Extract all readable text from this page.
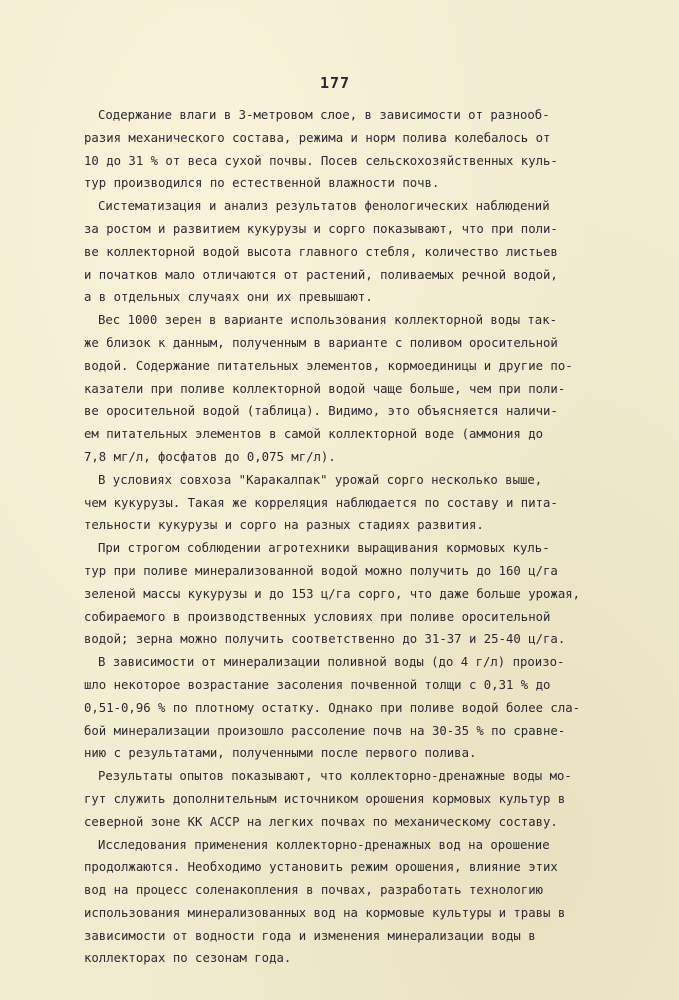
177
Содержание влаги в 3-метровом слое, в зависимости от разнооб-
разия механического состава, режима и норм полива колебалось от
10 до 31 % от веса сухой почвы. Посев сельскохозяйственных куль-
тур производился по естественной влажности почв.
Систематизация и анализ результатов фенологических наблюдений
за ростом и развитием кукурузы и сорго показывают, что при поли-
ве коллекторной водой высота главного стебля, количество листьев
и початков мало отличаются от растений, поливаемых речной водой,
а в отдельных случаях они их превышают.
Вес 1000 зерен в варианте использования коллекторной воды так-
же близок к данным, полученным в варианте с поливом оросительной
водой. Содержание питательных элементов, кормоединицы и другие по-
казатели при поливе коллекторной водой чаще больше, чем при поли-
ве оросительной водой (таблица). Видимо, это объясняется наличи-
ем питательных элементов в самой коллекторной воде (аммония до
7,8 мг/л, фосфатов до 0,075 мг/л).
В условиях совхоза "Каракалпак" урожай сорго несколько выше,
чем кукурузы. Такая же корреляция наблюдается по составу и пита-
тельности кукурузы и сорго на разных стадиях развития.
При строгом соблюдении агротехники выращивания кормовых куль-
тур при поливе минерализованной водой можно получить до 160 ц/га
зеленой массы кукурузы и до 153 ц/га сорго, что даже больше урожая,
собираемого в производственных условиях при поливе оросительной
водой; зерна можно получить соответственно до 31-37 и 25-40 ц/га.
В зависимости от минерализации поливной воды (до 4 г/л) произо-
шло некоторое возрастание засоления почвенной толщи с 0,31 % до
0,51-0,96 % по плотному остатку. Однако при поливе водой более сла-
бой минерализации произошло рассоление почв на 30-35 % по сравне-
нию с результатами, полученными после первого полива.
Результаты опытов показывают, что коллекторно-дренажные воды мо-
гут служить дополнительным источником орошения кормовых культур в
северной зоне КК АССР на легких почвах по механическому составу.
Исследования применения коллекторно-дренажных вод на орошение
продолжаются. Необходимо установить режим орошения, влияние этих
вод на процесс соленакопления в почвах, разработать технологию
использования минерализованных вод на кормовые культуры и травы в
зависимости от водности года и изменения минерализации воды в
коллекторах по сезонам года.
